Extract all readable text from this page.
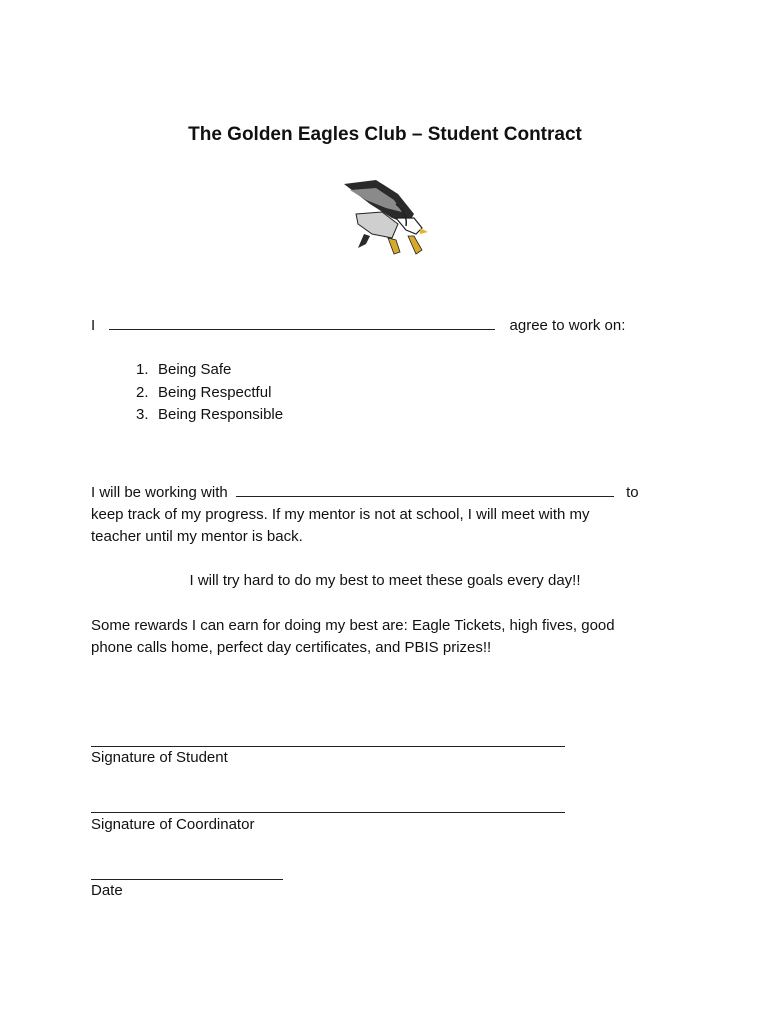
The Golden Eagles Club – Student Contract
I	agree to work on:
1. Being Safe
2. Being Respectful
3. Being Responsible
I will be working with	to
keep track of my progress. If my mentor is not at school, I will meet with my
teacher until my mentor is back.
I will try hard to do my best to meet these goals every day!!
Some rewards I can earn for doing my best are: Eagle Tickets, high fives, good
phone calls home, perfect day certificates, and PBIS prizes!!
Signature of Student
Signature of Coordinator
Date
